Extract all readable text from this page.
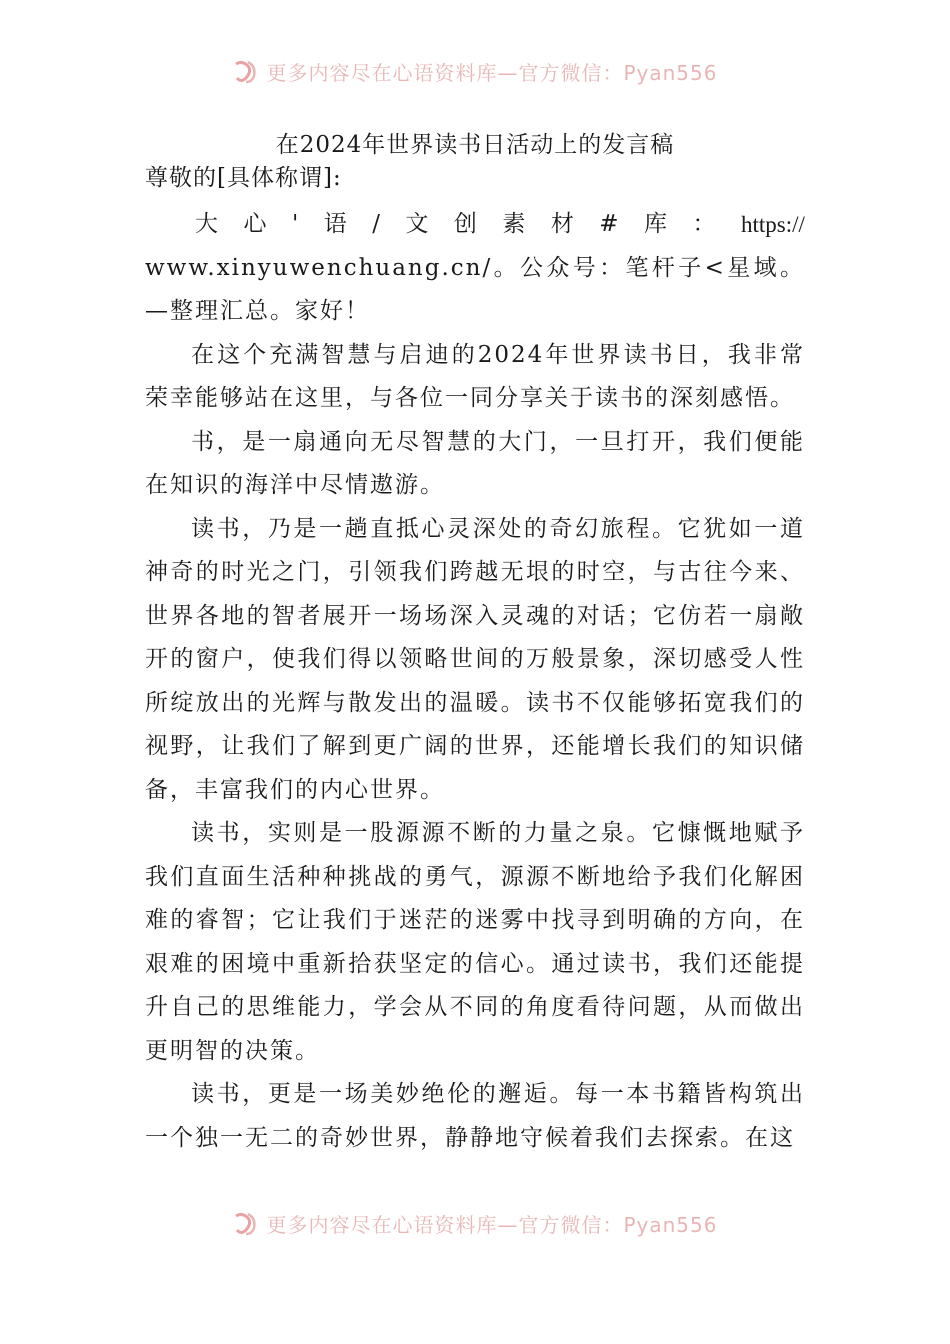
更多内容尽在心语资料库—官方微信：Pyan556
在2024年世界读书日活动上的发言稿

尊敬的[具体称谓]:

大 心 ' 语 / 文 创 素 材 # 库 ： https://

www.xinyuwenchuang.cn/。公众号：笔杆子<星域。—整理汇总。家好！

在这个充满智慧与启迪的2024年世界读书日，我非常荣幸能够站在这里，与各位一同分享关于读书的深刻感悟。

书，是一扇通向无尽智慧的大门，一旦打开，我们便能在知识的海洋中尽情遨游。

读书，乃是一趟直抵心灵深处的奇幻旅程。它犹如一道神奇的时光之门，引领我们跨越无垠的时空，与古往今来、世界各地的智者展开一场场深入灵魂的对话；它仿若一扇敞开的窗户，使我们得以领略世间的万般景象，深切感受人性所绽放出的光辉与散发出的温暖。读书不仅能够拓宽我们的视野，让我们了解到更广阔的世界，还能增长我们的知识储备，丰富我们的内心世界。

读书，实则是一股源源不断的力量之泉。它慷慨地赋予我们直面生活种种挑战的勇气，源源不断地给予我们化解困难的睿智；它让我们于迷茫的迷雾中找寻到明确的方向，在艰难的困境中重新拾获坚定的信心。通过读书，我们还能提升自己的思维能力，学会从不同的角度看待问题，从而做出更明智的决策。

读书，更是一场美妙绝伦的邂逅。每一本书籍皆构筑出一个独一无二的奇妙世界，静静地守候着我们去探索。在这

更多内容尽在心语资料库—官方微信：Pyan556
